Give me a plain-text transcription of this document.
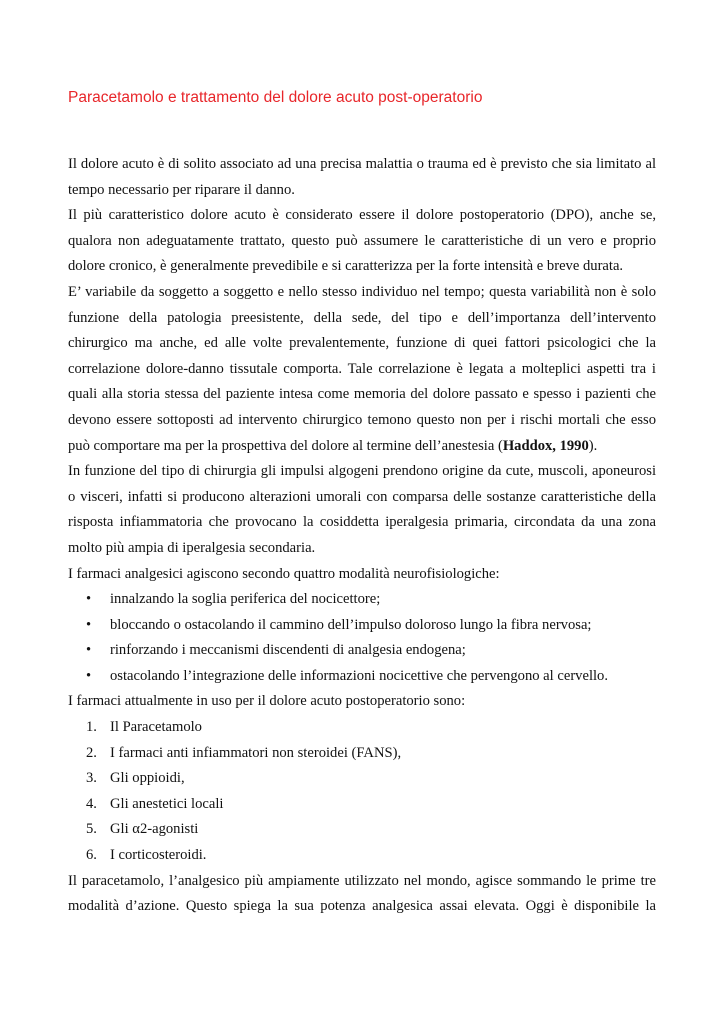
Paracetamolo e trattamento del dolore acuto post-operatorio

Il dolore acuto è di solito associato ad una precisa malattia o trauma ed è previsto che sia limitato al tempo necessario per riparare il danno.

Il più caratteristico dolore acuto è considerato essere il dolore postoperatorio (DPO), anche se, qualora non adeguatamente trattato, questo può assumere le caratteristiche di un vero e proprio dolore cronico, è generalmente prevedibile e si caratterizza per la forte intensità e breve durata.

E’ variabile da soggetto a soggetto e nello stesso individuo nel tempo; questa variabilità non è solo funzione della patologia preesistente, della sede, del tipo e dell’importanza dell’intervento chirurgico ma anche, ed alle volte prevalentemente, funzione di quei fattori psicologici che la correlazione dolore-danno tissutale comporta. Tale correlazione è legata a molteplici aspetti tra i quali alla storia stessa del paziente intesa come memoria del dolore passato e spesso i pazienti che devono essere sottoposti ad intervento chirurgico temono questo non per i rischi mortali che esso può comportare ma per la prospettiva del dolore al termine dell’anestesia (Haddox, 1990).

In funzione del tipo di chirurgia gli impulsi algogeni prendono origine da cute, muscoli, aponeurosi o visceri, infatti si producono alterazioni umorali con comparsa delle sostanze caratteristiche della risposta infiammatoria che provocano la cosiddetta iperalgesia primaria, circondata da una zona molto più ampia di iperalgesia secondaria.

I farmaci analgesici agiscono secondo quattro modalità neurofisiologiche:

• innalzando la soglia periferica del nocicettore;
• bloccando o ostacolando il cammino dell’impulso doloroso lungo la fibra nervosa;
• rinforzando i meccanismi discendenti di analgesia endogena;
• ostacolando l’integrazione delle informazioni nocicettive che pervengono al cervello.

I farmaci attualmente in uso per il dolore acuto postoperatorio sono:

1. Il Paracetamolo
2. I farmaci anti infiammatori non steroidei (FANS),
3. Gli oppioidi,
4. Gli anestetici locali
5. Gli α2-agonisti
6. I corticosteroidi.

Il paracetamolo, l’analgesico più ampiamente utilizzato nel mondo, agisce sommando le prime tre modalità d’azione. Questo spiega la sua potenza analgesica assai elevata. Oggi è disponibile la
